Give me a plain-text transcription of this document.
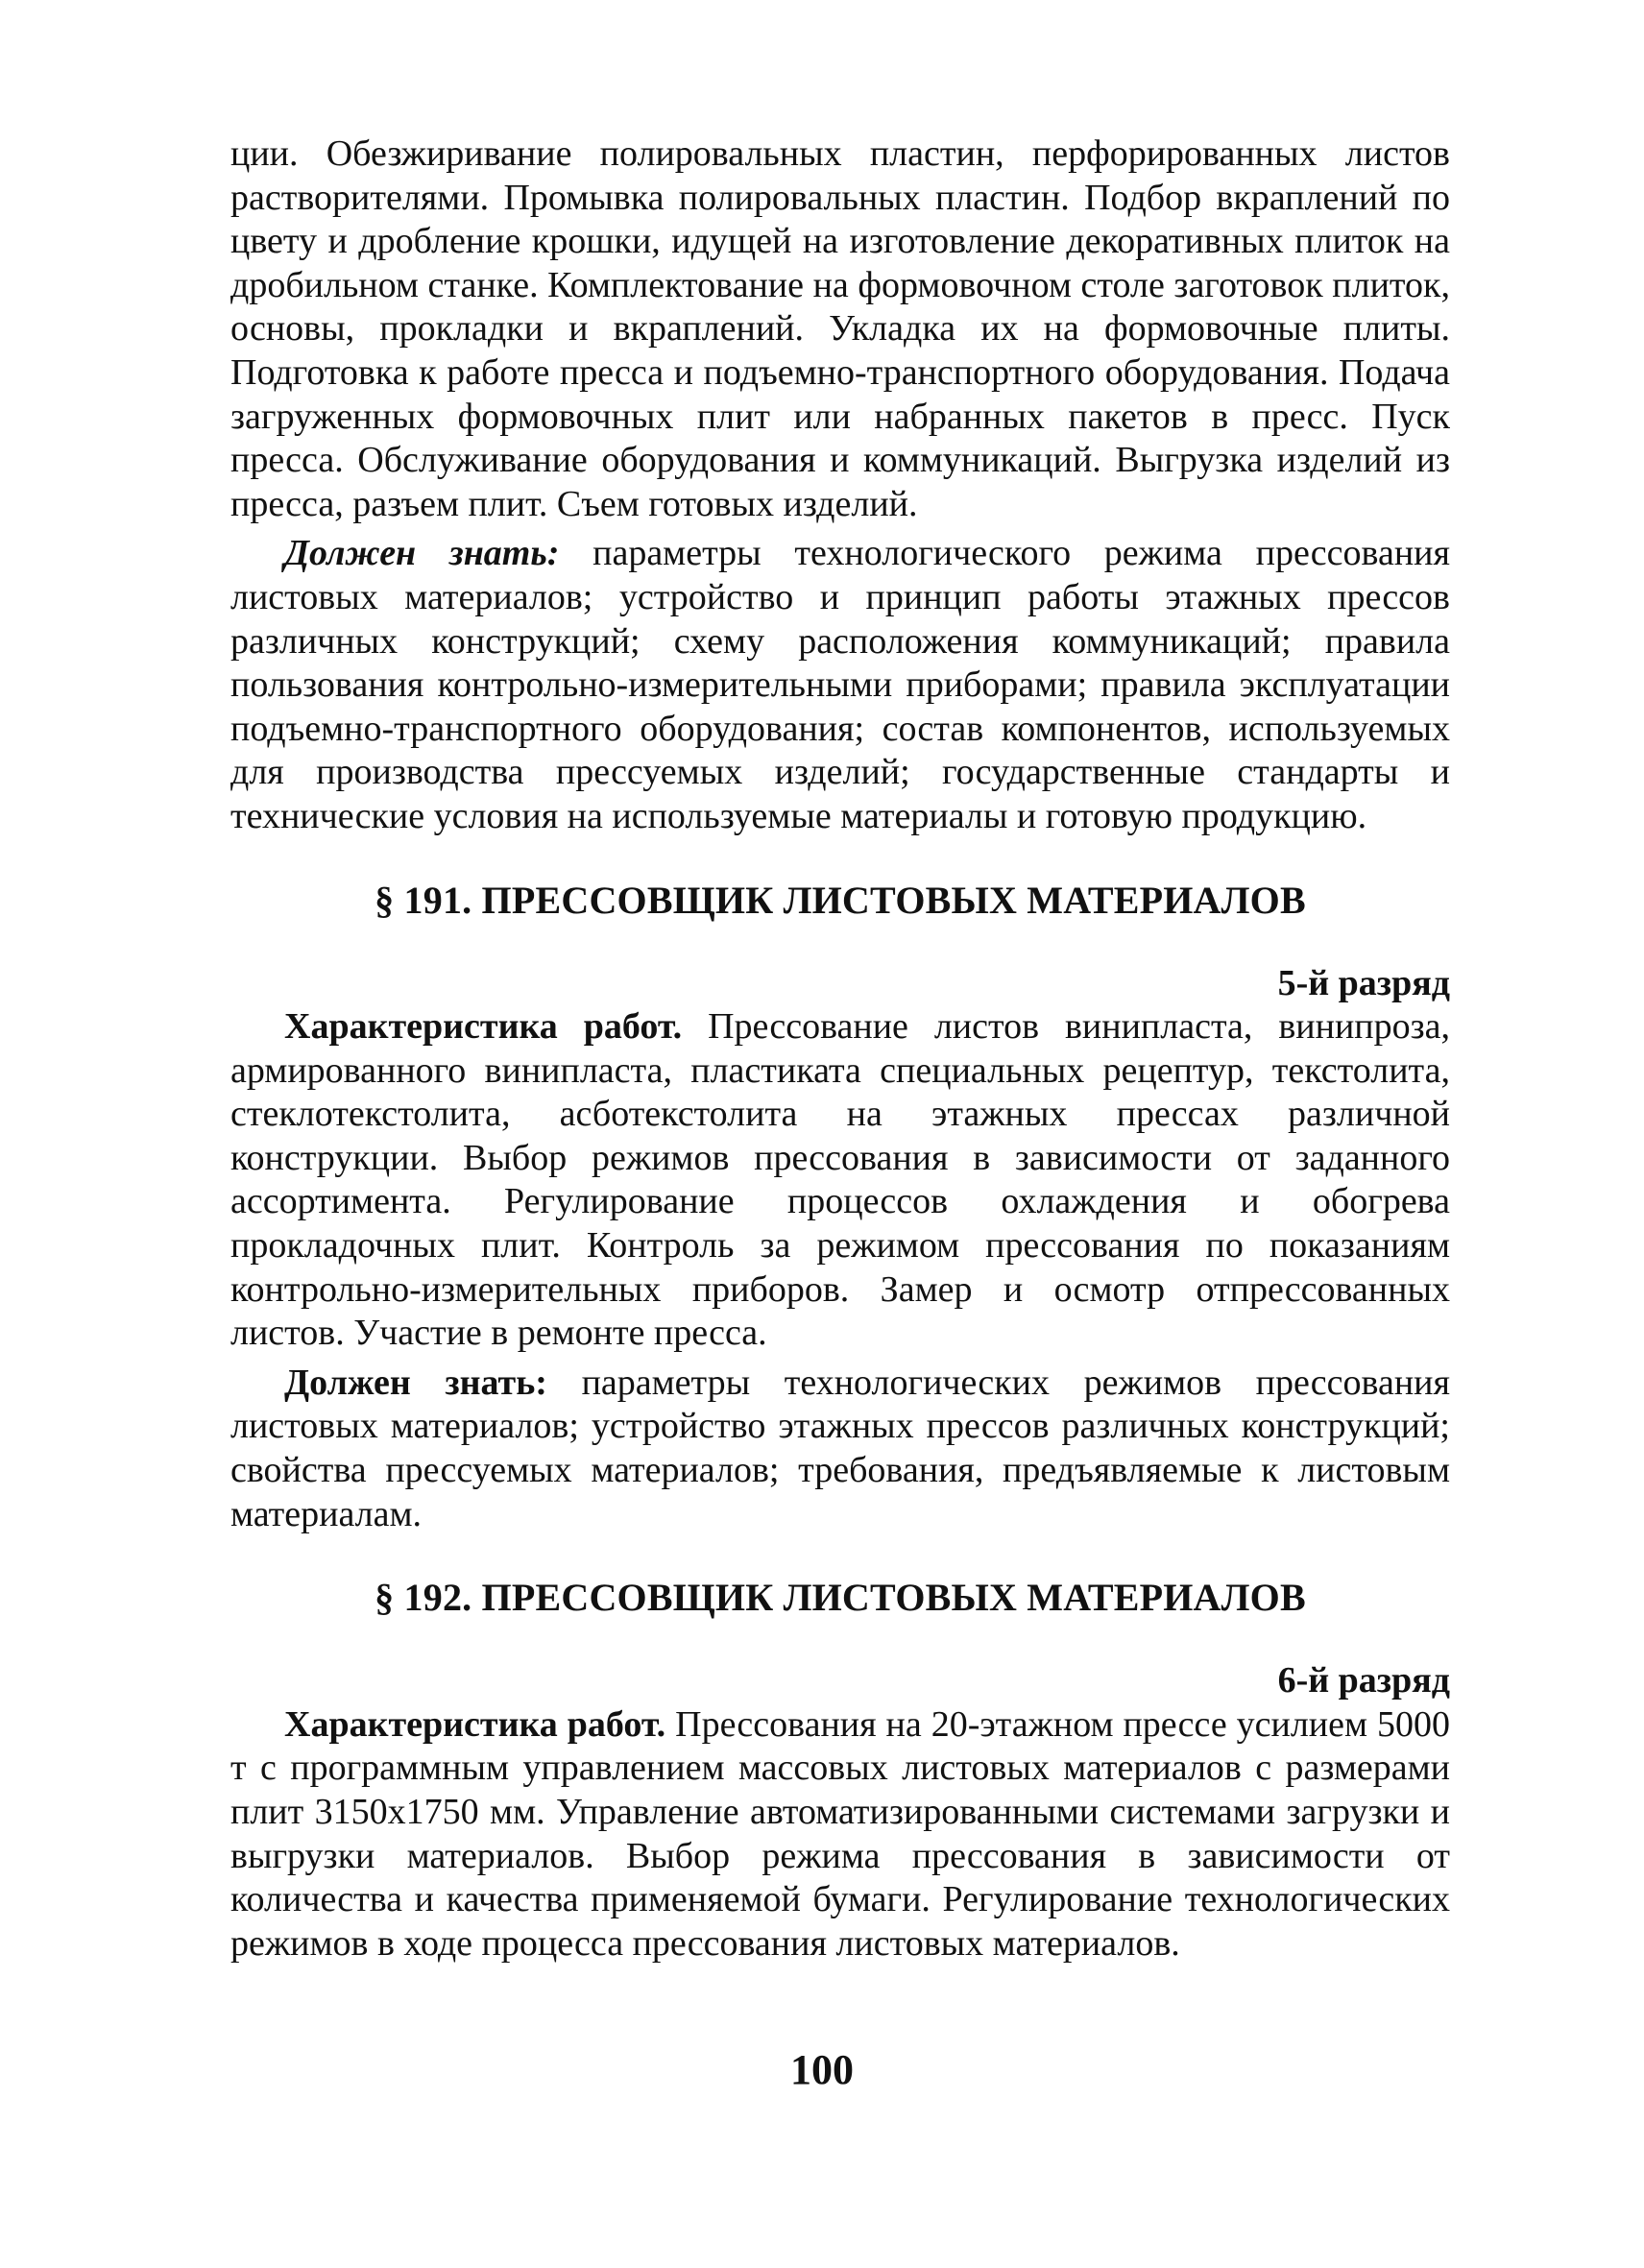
ции. Обезжиривание полировальных пластин, перфорированных листов растворителями. Промывка полировальных пластин. Подбор вкраплений по цвету и дробление крошки, идущей на изготовление декоративных плиток на дробильном станке. Комплектование на формовочном столе заготовок плиток, основы, прокладки и вкраплений. Укладка их на формовочные плиты. Подготовка к работе пресса и подъемно-транспортного оборудования. Подача загруженных формовочных плит или набранных пакетов в пресс. Пуск пресса. Обслуживание оборудования и коммуникаций. Выгрузка изделий из пресса, разъем плит. Съем готовых изделий.

Должен знать: параметры технологического режима прессования листовых материалов; устройство и принцип работы этажных прессов различных конструкций; схему расположения коммуникаций; правила пользования контрольно-измерительными приборами; правила эксплуатации подъемно-транспортного оборудования; состав компонентов, используемых для производства прессуемых изделий; государственные стандарты и технические условия на используемые материалы и готовую продукцию.

§ 191. ПРЕССОВЩИК ЛИСТОВЫХ МАТЕРИАЛОВ
5-й разряд

Характеристика работ. Прессование листов винипласта, винипроза, армированного винипласта, пластиката специальных рецептур, текстолита, стеклотекстолита, асботекстолита на этажных прессах различной конструкции. Выбор режимов прессования в зависимости от заданного ассортимента. Регулирование процессов охлаждения и обогрева прокладочных плит. Контроль за режимом прессования по показаниям контрольно-измерительных приборов. Замер и осмотр отпрессованных листов. Участие в ремонте пресса.

Должен знать: параметры технологических режимов прессования листовых материалов; устройство этажных прессов различных конструкций; свойства прессуемых материалов; требования, предъявляемые к листовым материалам.

§ 192. ПРЕССОВЩИК ЛИСТОВЫХ МАТЕРИАЛОВ
6-й разряд

Характеристика работ. Прессования на 20-этажном прессе усилием 5000 т с программным управлением массовых листовых материалов с размерами плит 3150х1750 мм. Управление автоматизированными системами загрузки и выгрузки материалов. Выбор режима прессования в зависимости от количества и качества применяемой бумаги. Регулирование технологических режимов в ходе процесса прессования листовых материалов.

100
